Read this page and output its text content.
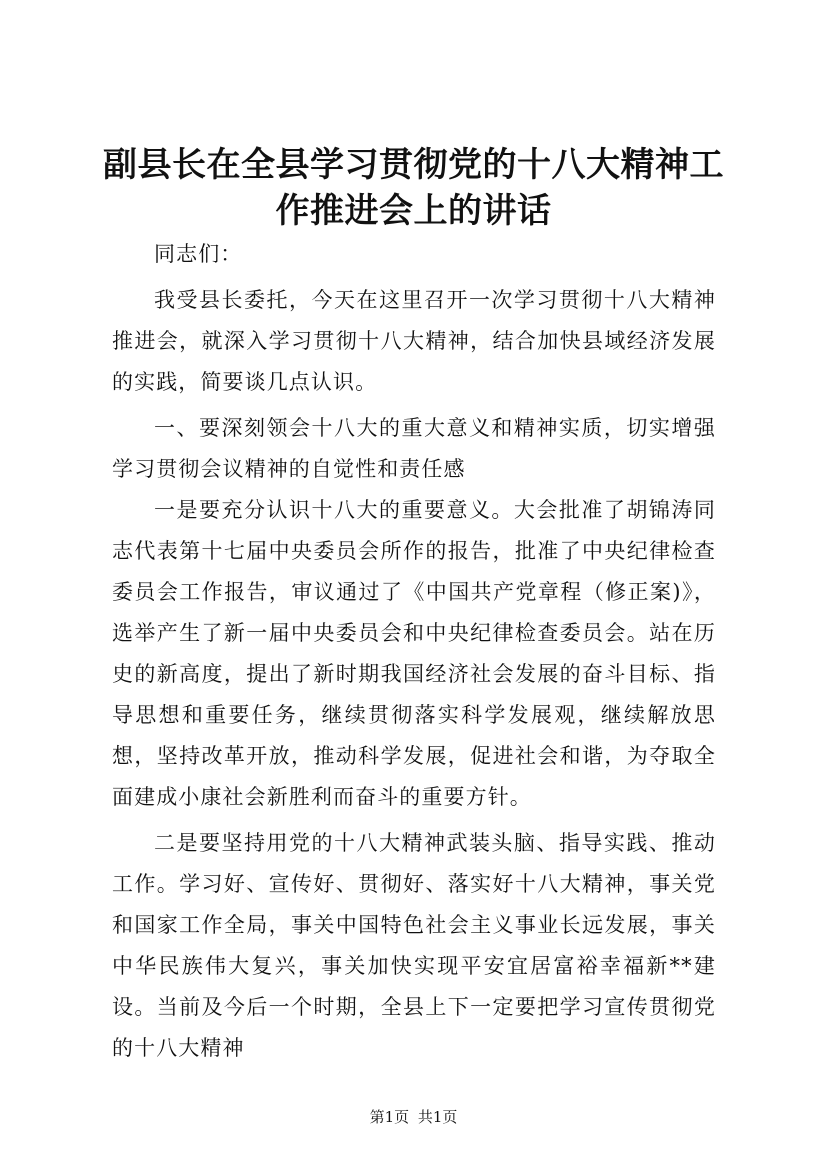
副县长在全县学习贯彻党的十八大精神工作推进会上的讲话

同志们：

我受县长委托，今天在这里召开一次学习贯彻十八大精神推进会，就深入学习贯彻十八大精神，结合加快县域经济发展的实践，简要谈几点认识。

一、要深刻领会十八大的重大意义和精神实质，切实增强学习贯彻会议精神的自觉性和责任感

一是要充分认识十八大的重要意义。大会批准了胡锦涛同志代表第十七届中央委员会所作的报告，批准了中央纪律检查委员会工作报告，审议通过了《中国共产党章程（修正案)》，选举产生了新一届中央委员会和中央纪律检查委员会。站在历史的新高度，提出了新时期我国经济社会发展的奋斗目标、指导思想和重要任务，继续贯彻落实科学发展观，继续解放思想，坚持改革开放，推动科学发展，促进社会和谐，为夺取全面建成小康社会新胜利而奋斗的重要方针。

二是要坚持用党的十八大精神武装头脑、指导实践、推动工作。学习好、宣传好、贯彻好、落实好十八大精神，事关党和国家工作全局，事关中国特色社会主义事业长远发展，事关中华民族伟大复兴，事关加快实现平安宜居富裕幸福新**建设。当前及今后一个时期，全县上下一定要把学习宣传贯彻党的十八大精神

第1页 共1页
